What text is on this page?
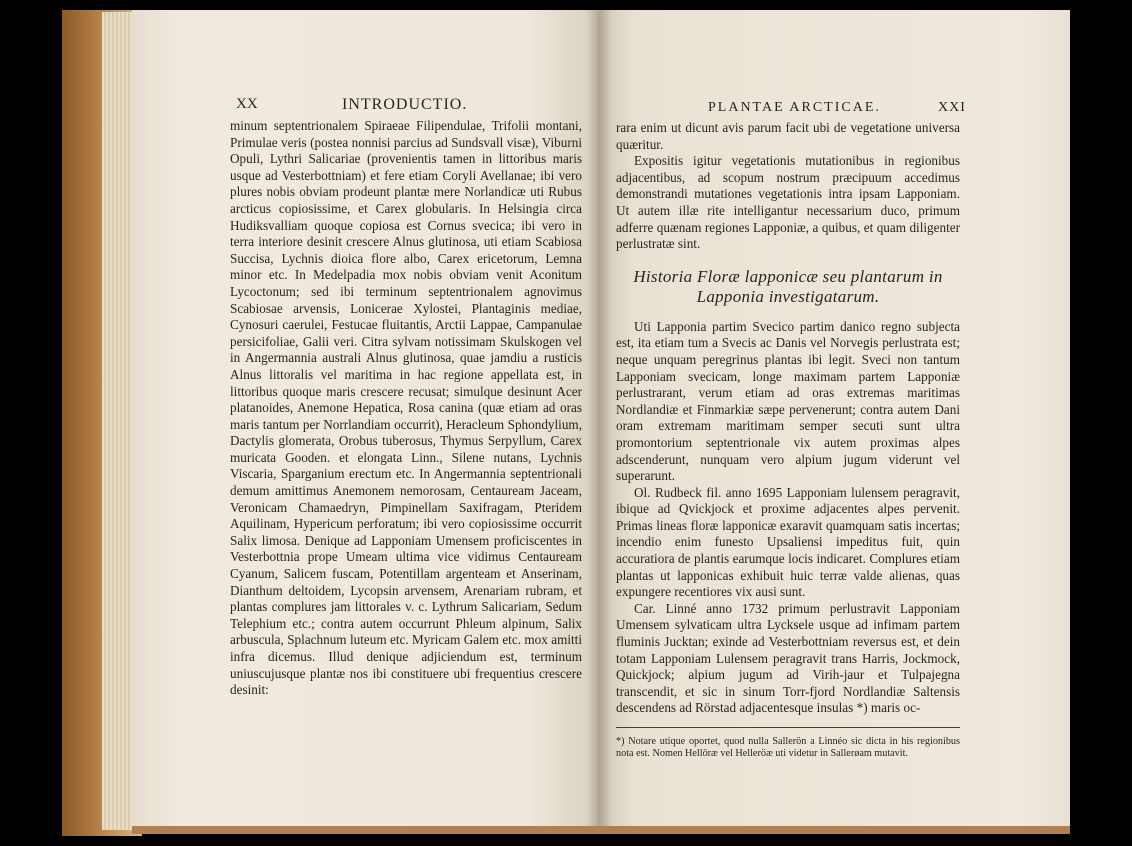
XX	INTRODUCTIO.

minum septentrionalem Spiraeae Filipendulae, Trifolii montani, Primulae veris (postea nonnisi parcius ad Sundsvall visæ), Viburni Opuli, Lythri Salicariae (provenientis tamen in littoribus maris usque ad Vesterbottniam) et fere etiam Coryli Avellanae; ibi vero plures nobis obviam prodeunt plantæ mere Norlandicæ uti Rubus arcticus copiosissime, et Carex globularis. In Helsingia circa Hudiksvalliam quoque copiosa est Cornus svecica; ibi vero in terra interiore desinit crescere Alnus glutinosa, uti etiam Scabiosa Succisa, Lychnis dioica flore albo, Carex ericetorum, Lemna minor etc. In Medelpadia mox nobis obviam venit Aconitum Lycoctonum; sed ibi terminum septentrionalem agnovimus Scabiosae arvensis, Lonicerae Xylostei, Plantaginis mediae, Cynosuri caerulei, Festucae fluitantis, Arctii Lappae, Campanulae persicifoliae, Galii veri. Citra sylvam notissimam Skulskogen vel in Angermannia australi Alnus glutinosa, quae jamdiu a rusticis Alnus littoralis vel maritima in hac regione appellata est, in littoribus quoque maris crescere recusat; simulque desinunt Acer platanoides, Anemone Hepatica, Rosa canina (quæ etiam ad oras maris tantum per Norrlandiam occurrit), Heracleum Sphondylium, Dactylis glomerata, Orobus tuberosus, Thymus Serpyllum, Carex muricata Gooden. et elongata Linn., Silene nutans, Lychnis Viscaria, Sparganium erectum etc. In Angermannia septentrionali demum amittimus Anemonem nemorosam, Centauream Jaceam, Veronicam Chamaedryn, Pimpinellam Saxifragam, Pteridem Aquilinam, Hypericum perforatum; ibi vero copiosissime occurrit Salix limosa. Denique ad Lapponiam Umensem proficiscentes in Vesterbottnia prope Umeam ultima vice vidimus Centauream Cyanum, Salicem fuscam, Potentillam argenteam et Anserinam, Dianthum deltoidem, Lycopsin arvensem, Arenariam rubram, et plantas complures jam littorales v. c. Lythrum Salicariam, Sedum Telephium etc.; contra autem occurrunt Phleum alpinum, Salix arbuscula, Splachnum luteum etc. Myricam Galem etc. mox amitti infra dicemus. Illud denique adjiciendum est, terminum uniuscujusque plantæ nos ibi constituere ubi frequentius crescere desinit:

PLANTAE ARCTICAE.	XXI

rara enim ut dicunt avis parum facit ubi de vegetatione universa quæritur.

Expositis igitur vegetationis mutationibus in regionibus adjacentibus, ad scopum nostrum præcipuum accedimus demonstrandi mutationes vegetationis intra ipsam Lapponiam. Ut autem illæ rite intelligantur necessarium duco, primum adferre quænam regiones Lapponiæ, a quibus, et quam diligenter perlustratæ sint.

Historia Floræ lapponicæ seu plantarum in
Lapponia investigatarum.

Uti Lapponia partim Svecico partim danico regno subjecta est, ita etiam tum a Svecis ac Danis vel Norvegis perlustrata est; neque unquam peregrinus plantas ibi legit. Sveci non tantum Lapponiam svecicam, longe maximam partem Lapponiæ perlustrarant, verum etiam ad oras extremas maritimas Nordlandiæ et Finmarkiæ sæpe pervenerunt; contra autem Dani oram extremam maritimam semper secuti sunt ultra promontorium septentrionale vix autem proximas alpes adscenderunt, nunquam vero alpium jugum viderunt vel superarunt.

Ol. Rudbeck fil. anno 1695 Lapponiam lulensem peragravit, ibique ad Qvickjock et proxime adjacentes alpes pervenit. Primas lineas floræ lapponicæ exaravit quamquam satis incertas; incendio enim funesto Upsaliensi impeditus fuit, quin accuratiora de plantis earumque locis indicaret. Complures etiam plantas ut lapponicas exhibuit huic terræ valde alienas, quas expungere recentiores vix ausi sunt.

Car. Linné anno 1732 primum perlustravit Lapponiam Umensem sylvaticam ultra Lycksele usque ad infimam partem fluminis Jucktan; exinde ad Vesterbottniam reversus est, et dein totam Lapponiam Lulensem peragravit trans Harris, Jockmock, Quickjock; alpium jugum ad Virih-jaur et Tulpajegna transcendit, et sic in sinum Torr-fjord Nordlandiæ Saltensis descendens ad Rörstad adjacentesque insulas *) maris oc-

*) Notare utique oportet, quod nulla Sallerön a Linnéo sic dicta in his regionibus nota est. Nomen Hellöræ vel Helleröæ uti videtur in Sallerøam mutavit.
